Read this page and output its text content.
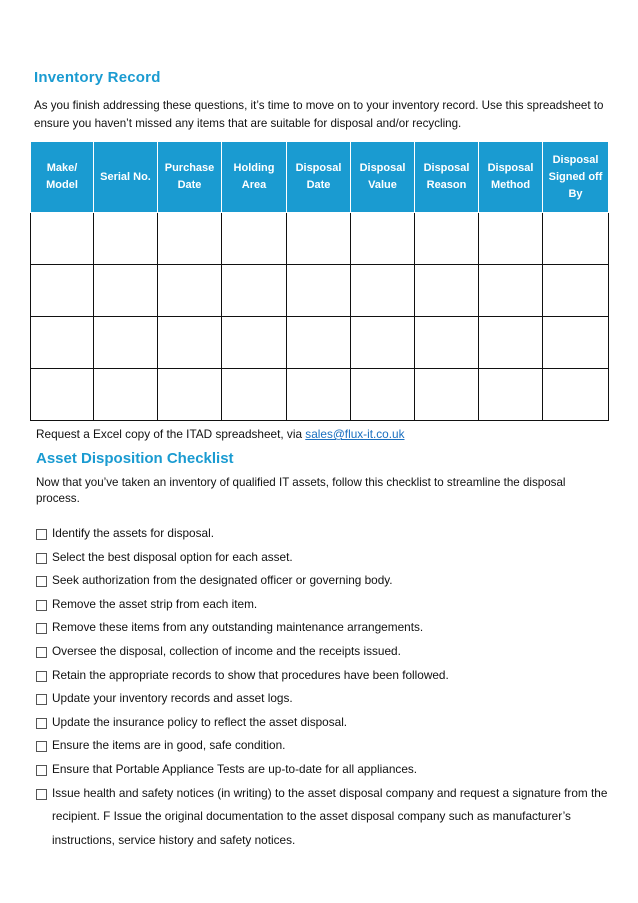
Inventory Record

As you finish addressing these questions, it’s time to move on to your inventory record. Use this spreadsheet to ensure you haven’t missed any items that are suitable for disposal and/or recycling.

Make/ Model	Serial No.	Purchase Date	Holding Area	Disposal Date	Disposal Value	Disposal Reason	Disposal Method	Disposal Signed off By

Request a Excel copy of the ITAD spreadsheet, via sales@flux-it.co.uk

Asset Disposition Checklist

Now that you’ve taken an inventory of qualified IT assets, follow this checklist to streamline the disposal process.

Identify the assets for disposal.
Select the best disposal option for each asset.
Seek authorization from the designated officer or governing body.
Remove the asset strip from each item.
Remove these items from any outstanding maintenance arrangements.
Oversee the disposal, collection of income and the receipts issued.
Retain the appropriate records to show that procedures have been followed.
Update your inventory records and asset logs.
Update the insurance policy to reflect the asset disposal.
Ensure the items are in good, safe condition.
Ensure that Portable Appliance Tests are up-to-date for all appliances.
Issue health and safety notices (in writing) to the asset disposal company and request a signature from the recipient. F Issue the original documentation to the asset disposal company such as manufacturer’s instructions, service history and safety notices.
